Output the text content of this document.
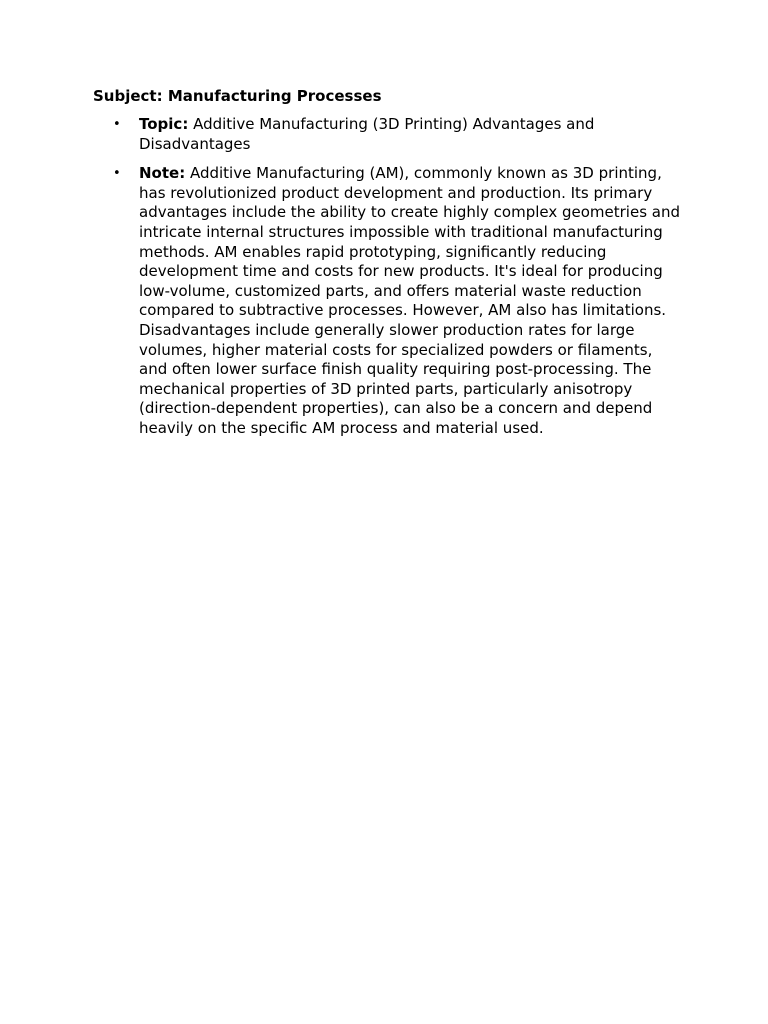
Subject: Manufacturing Processes
• Topic: Additive Manufacturing (3D Printing) Advantages and Disadvantages
• Note: Additive Manufacturing (AM), commonly known as 3D printing, has revolutionized product development and production. Its primary advantages include the ability to create highly complex geometries and intricate internal structures impossible with traditional manufacturing methods. AM enables rapid prototyping, significantly reducing development time and costs for new products. It's ideal for producing low-volume, customized parts, and offers material waste reduction compared to subtractive processes. However, AM also has limitations. Disadvantages include generally slower production rates for large volumes, higher material costs for specialized powders or filaments, and often lower surface finish quality requiring post-processing. The mechanical properties of 3D printed parts, particularly anisotropy (direction-dependent properties), can also be a concern and depend heavily on the specific AM process and material used.
